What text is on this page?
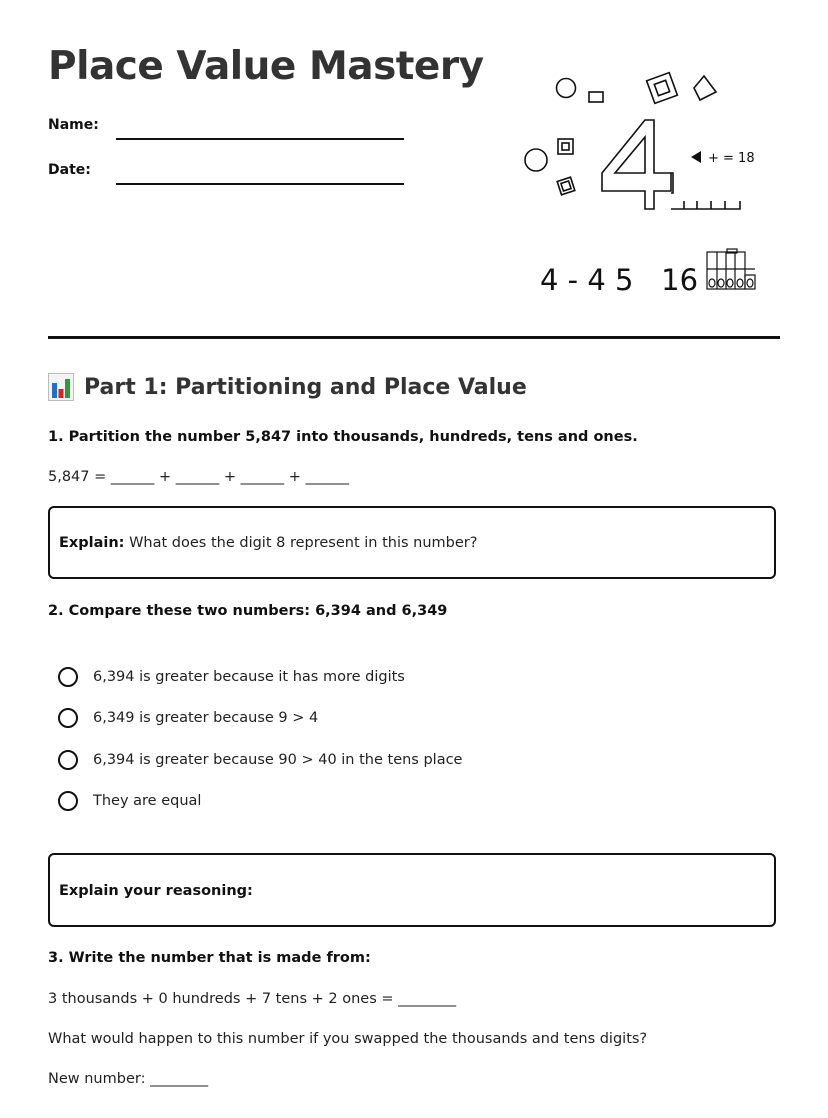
Place Value Mastery
Name:
Date:
+ = 18
4 - 4 5   16
Part 1: Partitioning and Place Value
1. Partition the number 5,847 into thousands, hundreds, tens and ones.
5,847 = ______ + ______ + ______ + ______
Explain: What does the digit 8 represent in this number?
2. Compare these two numbers: 6,394 and 6,349
6,394 is greater because it has more digits
6,349 is greater because 9 > 4
6,394 is greater because 90 > 40 in the tens place
They are equal
Explain your reasoning:
3. Write the number that is made from:
3 thousands + 0 hundreds + 7 tens + 2 ones = ________
What would happen to this number if you swapped the thousands and tens digits?
New number: ________
